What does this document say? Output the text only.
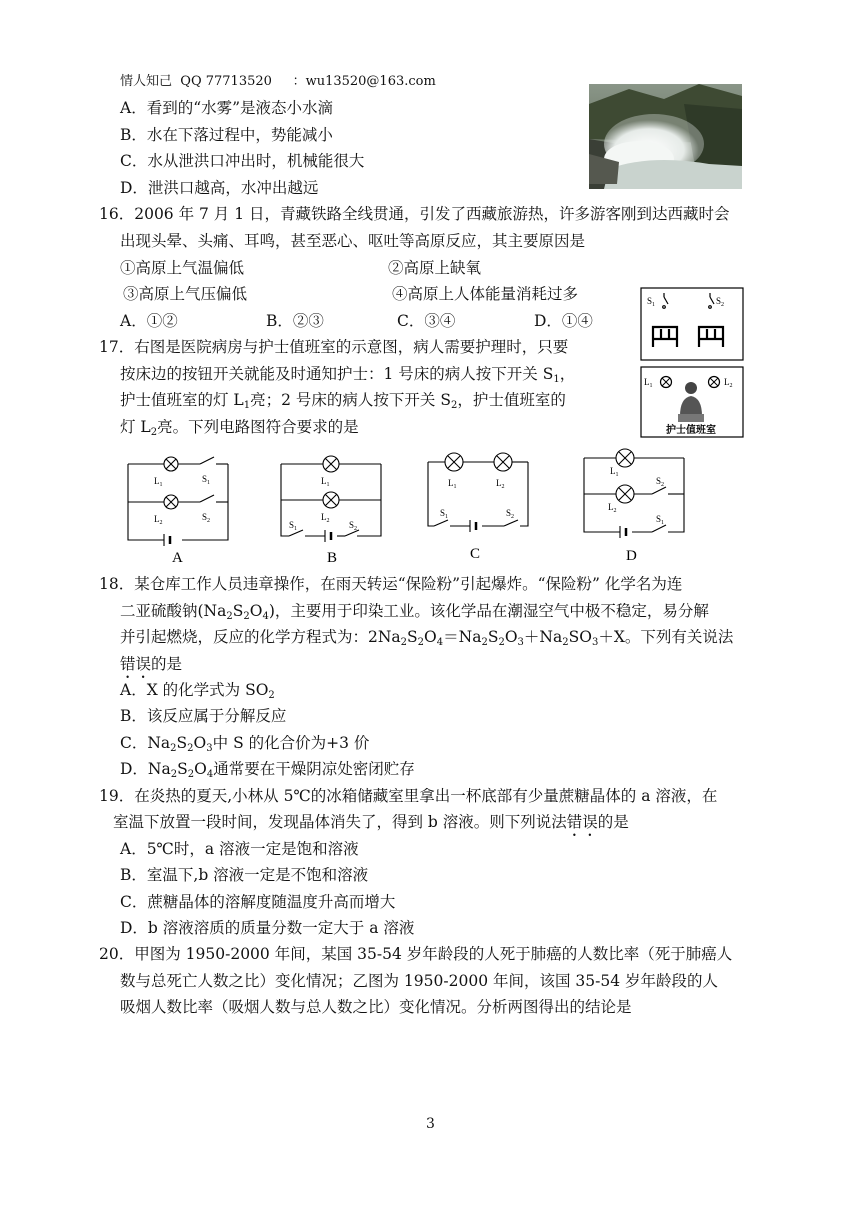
情人知己 QQ 77713520 ：wu13520@163.com
A．看到的“水雾”是液态小水滴
B．水在下落过程中，势能减小
C．水从泄洪口冲出时，机械能很大
D．泄洪口越高，水冲出越远
16．2006 年 7 月 1 日，青藏铁路全线贯通，引发了西藏旅游热，许多游客刚到达西藏时会
出现头晕、头痛、耳鸣，甚至恶心、呕吐等高原反应，其主要原因是
①高原上气温偏低	②高原上缺氧
③高原上气压偏低	④高原上人体能量消耗过多
A．①②	B．②③	C．③④	D．①④
$S_1$	$S_2$
$L_1$	$L_2$
护士值班室
17．右图是医院病房与护士值班室的示意图，病人需要护理时，只要
按床边的按钮开关就能及时通知护士：1 号床的病人按下开关 $S_1$，
护士值班室的灯 $L_1$亮；2 号床的病人按下开关 $S_2$，护士值班室的
灯 $L_2$亮。下列电路图符合要求的是
$L_1$
$S_1$
$L_2$
$S_2$
A
$L_1$
$L_2$
$S_1$	$S_2$
B
$L_1$	$L_2$
$S_1$	$S_2$
C
$L_1$
$L_2$
$S_2$
$S_1$
D
18．某仓库工作人员违章操作，在雨天转运“保险粉”引起爆炸。“保险粉” 化学名为连
二亚硫酸钠$(Na_2S_2O_4)$，主要用于印染工业。该化学品在潮湿空气中极不稳定，易分解
并引起燃烧，反应的化学方程式为：$2Na_2S_2O_4=Na_2S_2O_3+Na_2SO_3+X$。下列有关说法
错误的是
A．X 的化学式为 $SO_2$
B．该反应属于分解反应
C．$Na_2S_2O_3$中 S 的化合价为+3 价
D．$Na_2S_2O_4$通常要在干燥阴凉处密闭贮存
19．在炎热的夏天,小林从 5℃的冰箱储藏室里拿出一杯底部有少量蔗糖晶体的 a 溶液，在
室温下放置一段时间，发现晶体消失了，得到 b 溶液。则下列说法错误的是
A．5℃时，a 溶液一定是饱和溶液
B．室温下,b 溶液一定是不饱和溶液
C．蔗糖晶体的溶解度随温度升高而增大
D．b 溶液溶质的质量分数一定大于 a 溶液
20．甲图为 1950-2000 年间，某国 35-54 岁年龄段的人死于肺癌的人数比率（死于肺癌人
数与总死亡人数之比）变化情况；乙图为 1950-2000 年间，该国 35-54 岁年龄段的人
吸烟人数比率（吸烟人数与总人数之比）变化情况。分析两图得出的结论是
3
